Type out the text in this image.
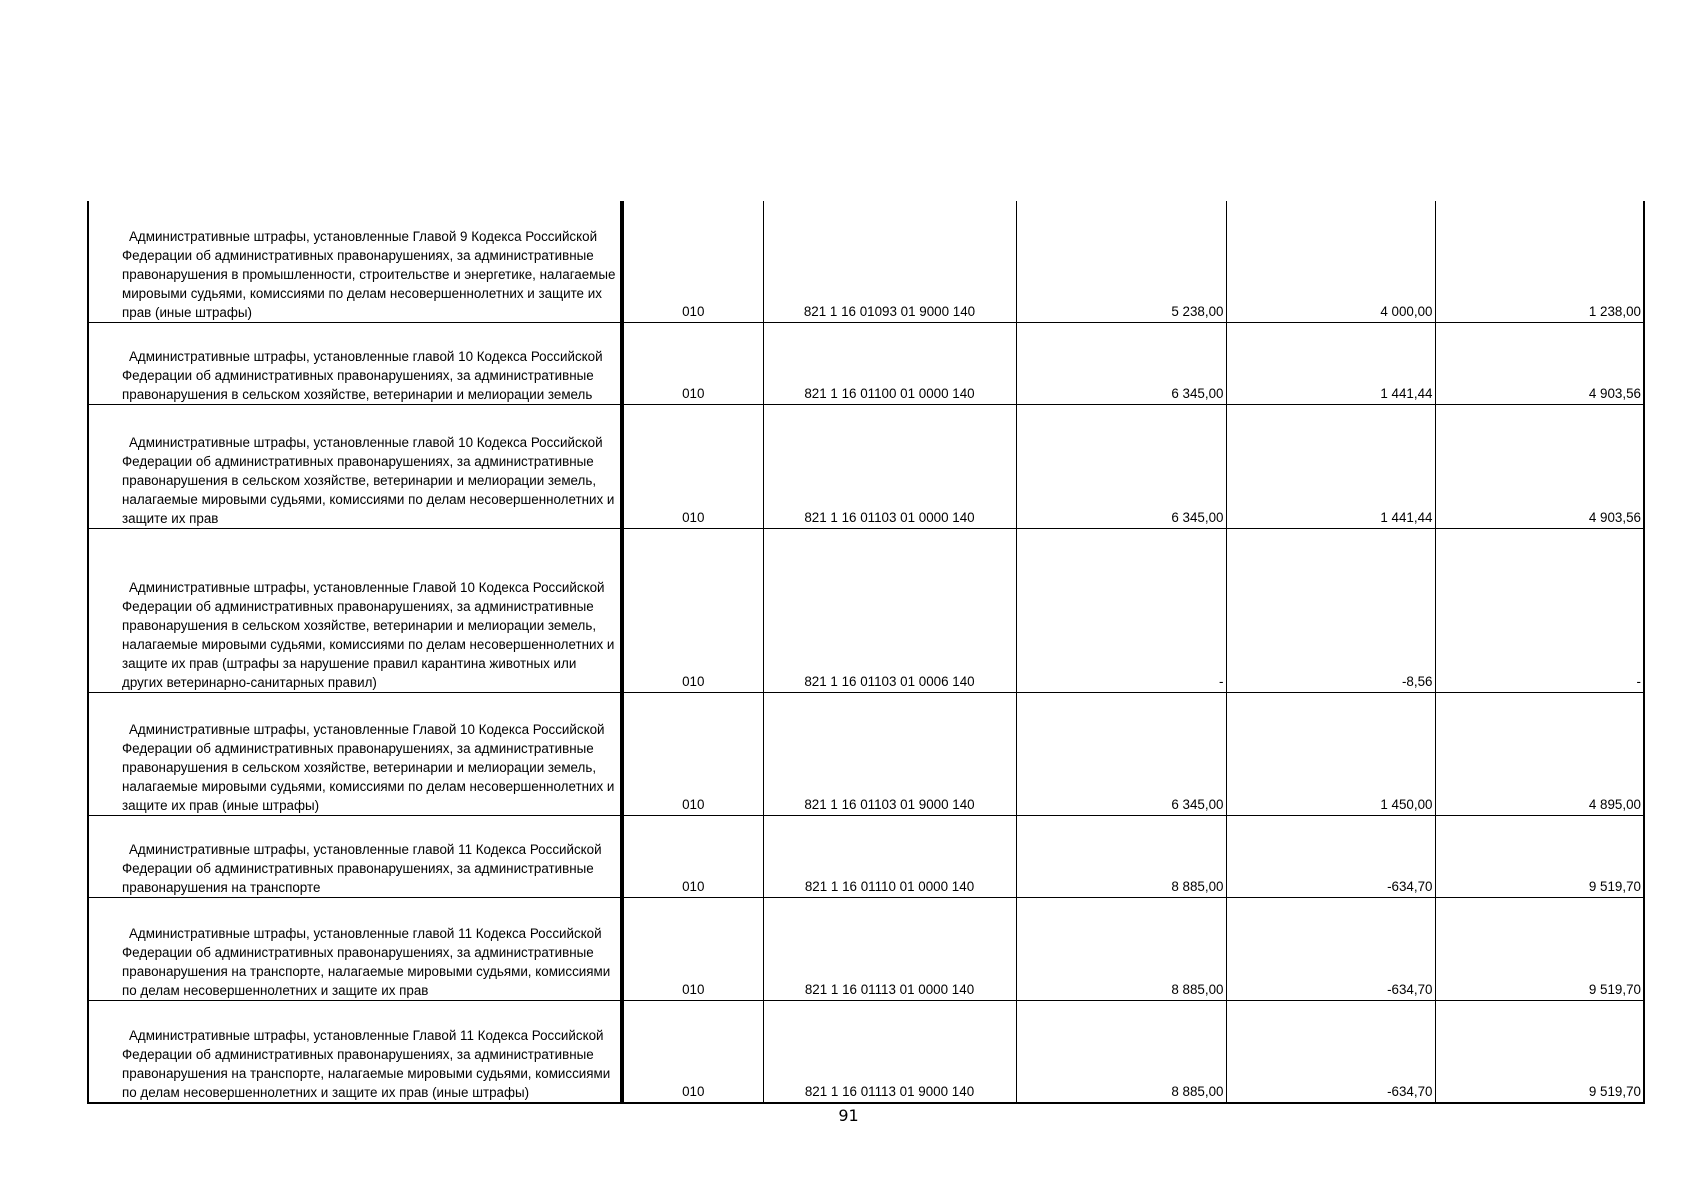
Административные штрафы, установленные Главой 9 Кодекса Российской Федерации об административных правонарушениях, за административные правонарушения в промышленности, строительстве и энергетике, налагаемые мировыми судьями, комиссиями по делам несовершеннолетних и защите их прав (иные штрафы)	010	821 1 16 01093 01 9000 140	5 238,00	4 000,00	1 238,00

Административные штрафы, установленные главой 10 Кодекса Российской Федерации об административных правонарушениях, за административные правонарушения в сельском хозяйстве, ветеринарии и мелиорации земель	010	821 1 16 01100 01 0000 140	6 345,00	1 441,44	4 903,56

Административные штрафы, установленные главой 10 Кодекса Российской Федерации об административных правонарушениях, за административные правонарушения в сельском хозяйстве, ветеринарии и мелиорации земель, налагаемые мировыми судьями, комиссиями по делам несовершеннолетних и защите их прав	010	821 1 16 01103 01 0000 140	6 345,00	1 441,44	4 903,56

Административные штрафы, установленные Главой 10 Кодекса Российской Федерации об административных правонарушениях, за административные правонарушения в сельском хозяйстве, ветеринарии и мелиорации земель, налагаемые мировыми судьями, комиссиями по делам несовершеннолетних и защите их прав (штрафы за нарушение правил карантина животных или других ветеринарно-санитарных правил)	010	821 1 16 01103 01 0006 140	-	-8,56	-

Административные штрафы, установленные Главой 10 Кодекса Российской Федерации об административных правонарушениях, за административные правонарушения в сельском хозяйстве, ветеринарии и мелиорации земель, налагаемые мировыми судьями, комиссиями по делам несовершеннолетних и защите их прав (иные штрафы)	010	821 1 16 01103 01 9000 140	6 345,00	1 450,00	4 895,00

Административные штрафы, установленные главой 11 Кодекса Российской Федерации об административных правонарушениях, за административные правонарушения на транспорте	010	821 1 16 01110 01 0000 140	8 885,00	-634,70	9 519,70

Административные штрафы, установленные главой 11 Кодекса Российской Федерации об административных правонарушениях, за административные правонарушения на транспорте, налагаемые мировыми судьями, комиссиями по делам несовершеннолетних и защите их прав	010	821 1 16 01113 01 0000 140	8 885,00	-634,70	9 519,70

Административные штрафы, установленные Главой 11 Кодекса Российской Федерации об административных правонарушениях, за административные правонарушения на транспорте, налагаемые мировыми судьями, комиссиями по делам несовершеннолетних и защите их прав (иные штрафы)	010	821 1 16 01113 01 9000 140	8 885,00	-634,70	9 519,70
91
